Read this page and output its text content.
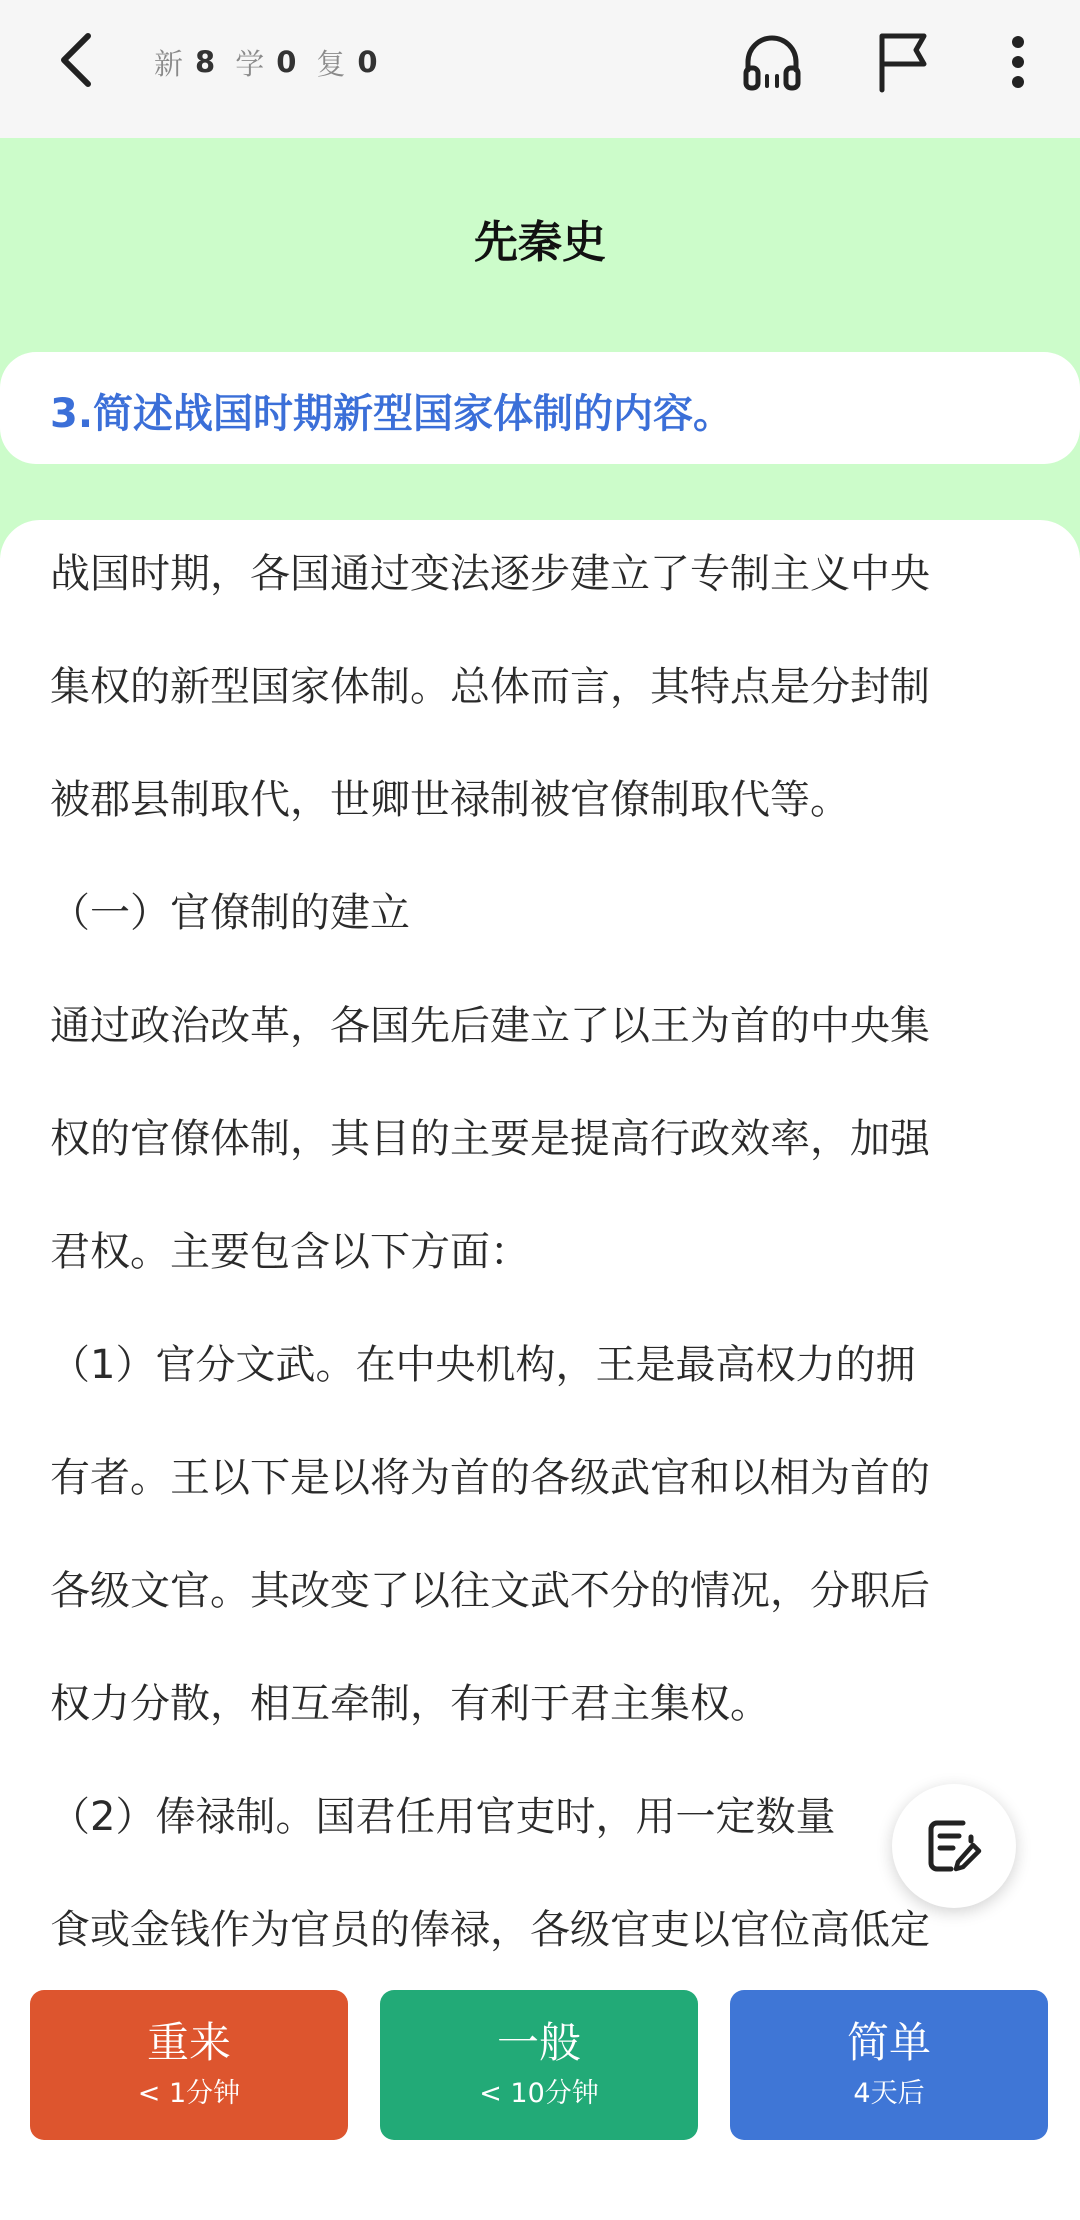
新 8 学 0 复 0
先秦史
3.简述战国时期新型国家体制的内容。
战国时期，各国通过变法逐步建立了专制主义中央
集权的新型国家体制。总体而言，其特点是分封制
被郡县制取代，世卿世禄制被官僚制取代等。
（一）官僚制的建立
通过政治改革，各国先后建立了以王为首的中央集
权的官僚体制，其目的主要是提高行政效率，加强
君权。主要包含以下方面：
（1）官分文武。在中央机构，王是最高权力的拥
有者。王以下是以将为首的各级武官和以相为首的
各级文官。其改变了以往文武不分的情况，分职后
权力分散，相互牵制，有利于君主集权。
（2）俸禄制。国君任用官吏时，用一定数量
食或金钱作为官员的俸禄，各级官吏以官位高低定
重来
< 1分钟
一般
< 10分钟
简单
4天后
